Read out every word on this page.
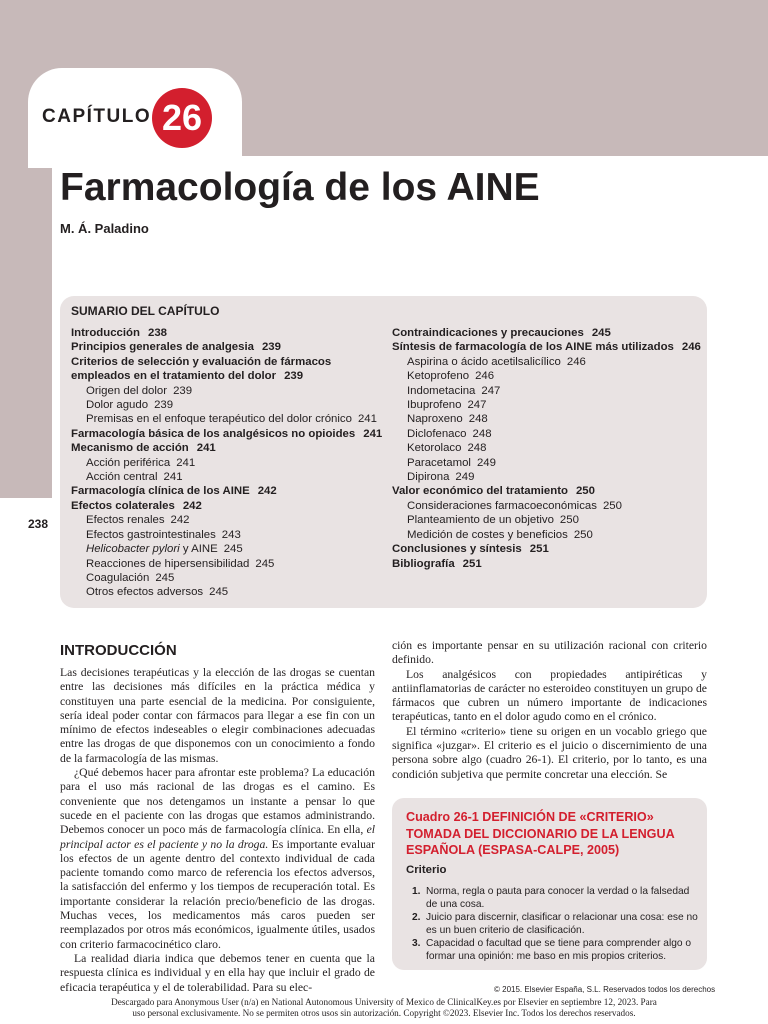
CAPÍTULO 26
Farmacología de los AINE
M. Á. Paladino
238
SUMARIO DEL CAPÍTULO
Introducción 238
Principios generales de analgesia 239
Criterios de selección y evaluación de fármacos empleados en el tratamiento del dolor 239
Origen del dolor 239
Dolor agudo 239
Premisas en el enfoque terapéutico del dolor crónico 241
Farmacología básica de los analgésicos no opioides 241
Mecanismo de acción 241
Acción periférica 241
Acción central 241
Farmacología clínica de los AINE 242
Efectos colaterales 242
Efectos renales 242
Efectos gastrointestinales 243
Helicobacter pylori y AINE 245
Reacciones de hipersensibilidad 245
Coagulación 245
Otros efectos adversos 245
Contraindicaciones y precauciones 245
Síntesis de farmacología de los AINE más utilizados 246
Aspirina o ácido acetilsalicílico 246
Ketoprofeno 246
Indometacina 247
Ibuprofeno 247
Naproxeno 248
Diclofenaco 248
Ketorolaco 248
Paracetamol 249
Dipirona 249
Valor económico del tratamiento 250
Consideraciones farmacoeconómicas 250
Planteamiento de un objetivo 250
Medición de costes y beneficios 250
Conclusiones y síntesis 251
Bibliografía 251
INTRODUCCIÓN

Las decisiones terapéuticas y la elección de las drogas se cuentan entre las decisiones más difíciles en la práctica médica y constituyen una parte esencial de la medicina. Por consiguiente, sería ideal poder contar con fármacos para llegar a ese fin con un mínimo de efectos indeseables o elegir combinaciones adecuadas entre las drogas de que disponemos con un conocimiento a fondo de la farmacología de las mismas.

¿Qué debemos hacer para afrontar este problema? La educación para el uso más racional de las drogas es el camino. Es conveniente que nos detengamos un instante a pensar lo que sucede en el paciente con las drogas que estamos administrando. Debemos conocer un poco más de farmacología clínica. En ella, el principal actor es el paciente y no la droga. Es importante evaluar los efectos de un agente dentro del contexto individual de cada paciente tomando como marco de referencia los efectos adversos, la satisfacción del enfermo y los tiempos de recuperación total. Es importante considerar la relación precio/beneficio de las drogas. Muchas veces, los medicamentos más caros pueden ser reemplazados por otros más económicos, igualmente útiles, usados con criterio farmacocinético claro.

La realidad diaria indica que debemos tener en cuenta que la respuesta clínica es individual y en ella hay que incluir el grado de eficacia terapéutica y el de tolerabilidad. Para su elec-

ción es importante pensar en su utilización racional con criterio definido.

Los analgésicos con propiedades antipiréticas y antiinflamatorias de carácter no esteroideo constituyen un grupo de fármacos que cubren un número importante de indicaciones terapéuticas, tanto en el dolor agudo como en el crónico.

El término «criterio» tiene su origen en un vocablo griego que significa «juzgar». El criterio es el juicio o discernimiento de una persona sobre algo (cuadro 26-1). El criterio, por lo tanto, es una condición subjetiva que permite concretar una elección. Se

Cuadro 26-1 DEFINICIÓN DE «CRITERIO» TOMADA DEL DICCIONARIO DE LA LENGUA ESPAÑOLA (ESPASA-CALPE, 2005)
Criterio
1. Norma, regla o pauta para conocer la verdad o la falsedad de una cosa.
2. Juicio para discernir, clasificar o relacionar una cosa: ese no es un buen criterio de clasificación.
3. Capacidad o facultad que se tiene para comprender algo o formar una opinión: me baso en mis propios criterios.
© 2015. Elsevier España, S.L. Reservados todos los derechos
Descargado para Anonymous User (n/a) en National Autonomous University of Mexico de ClinicalKey.es por Elsevier en septiembre 12, 2023. Para
uso personal exclusivamente. No se permiten otros usos sin autorización. Copyright ©2023. Elsevier Inc. Todos los derechos reservados.
